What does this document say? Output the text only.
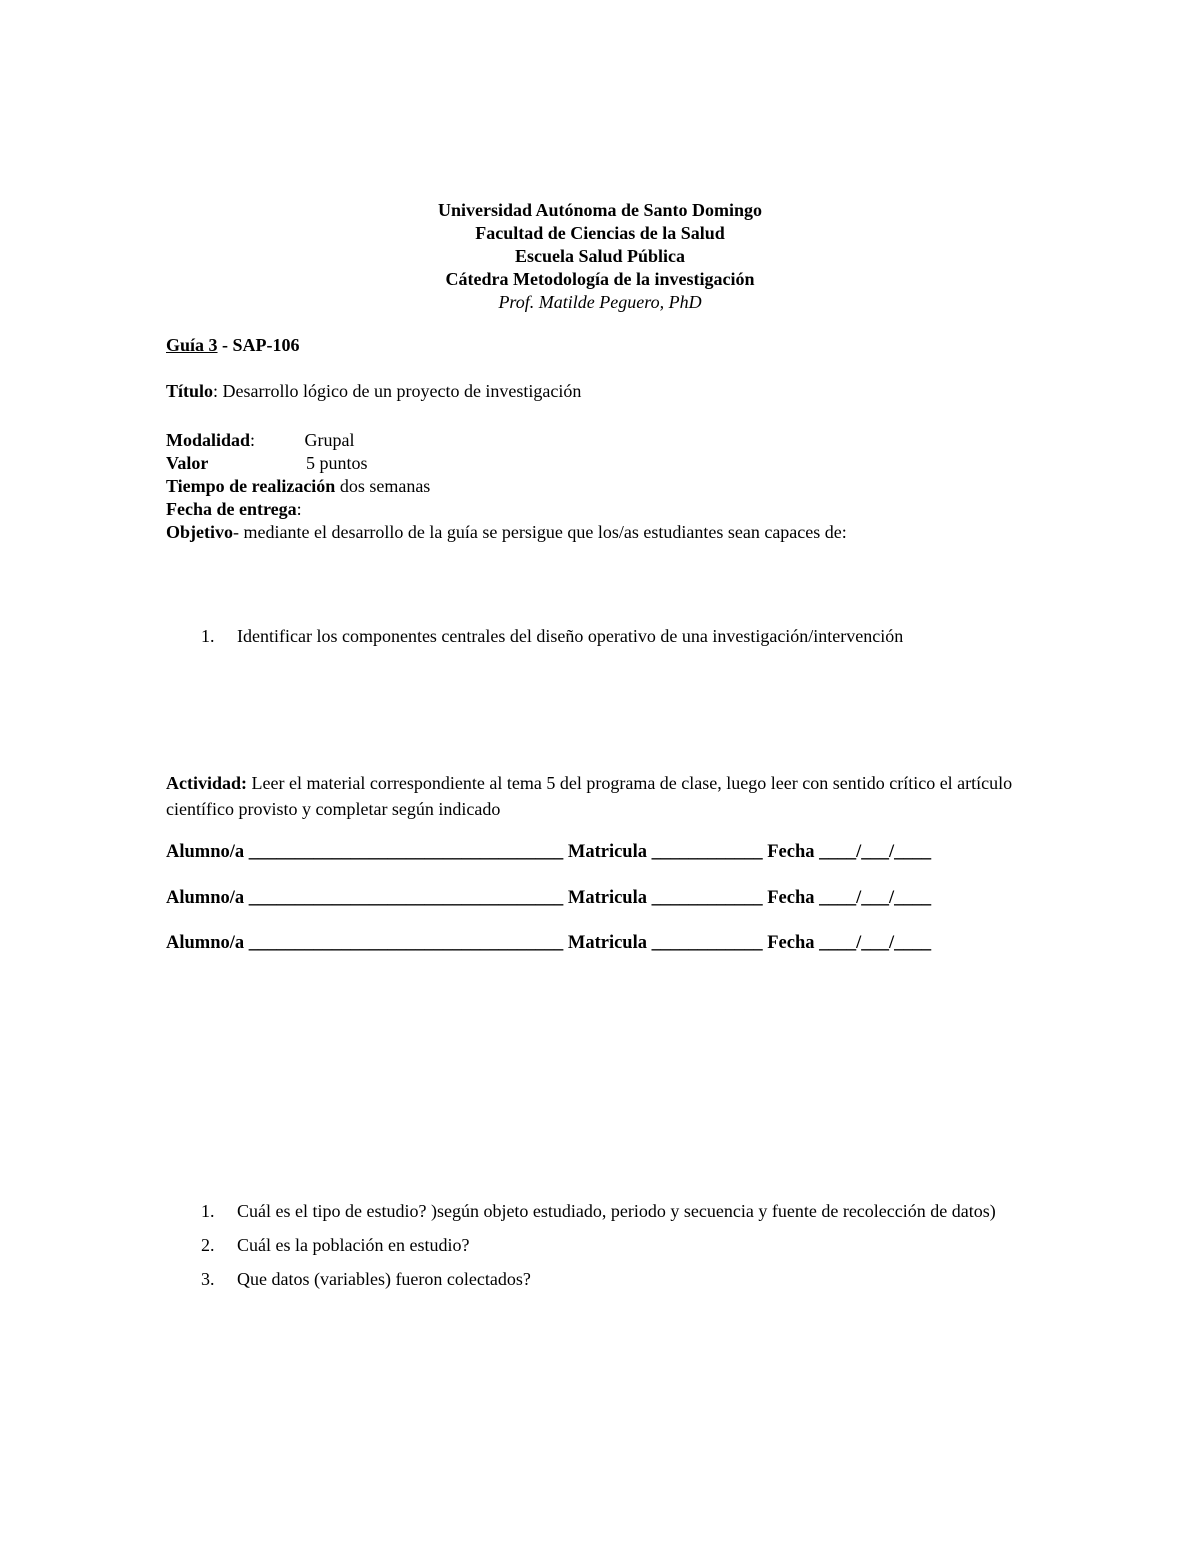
Universidad Autónoma de Santo Domingo
Facultad de Ciencias de la Salud
Escuela Salud Pública
Cátedra Metodología de la investigación
Prof. Matilde Peguero, PhD
Guía 3 - SAP-106
Título: Desarrollo lógico de un proyecto de investigación
Modalidad:           Grupal
Valor	5 puntos
Tiempo de realización dos semanas
Fecha de entrega:
Objetivo- mediante el desarrollo de la guía se persigue que los/as estudiantes sean capaces de:
1. Identificar los componentes centrales del diseño operativo de una investigación/intervención
Actividad: Leer el material correspondiente al tema 5 del programa de clase, luego leer con sentido crítico el artículo científico provisto y completar según indicado
Alumno/a __________________________________ Matricula ____________ Fecha ____/___/____
Alumno/a __________________________________ Matricula ____________ Fecha ____/___/____
Alumno/a __________________________________ Matricula ____________ Fecha ____/___/____
1. Cuál es el tipo de estudio? )según objeto estudiado, periodo y secuencia y fuente de recolección de datos)
2. Cuál es la población en estudio?
3. Que datos (variables) fueron colectados?
